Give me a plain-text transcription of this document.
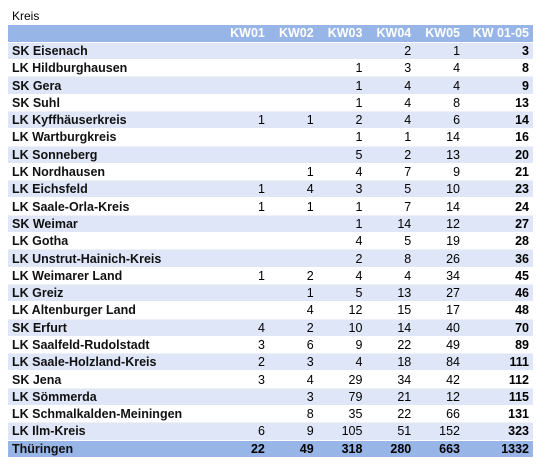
Kreis
	KW01	KW02	KW03	KW04	KW05	KW 01-05
SK Eisenach				2	1	3
LK Hildburghausen			1	3	4	8
SK Gera			1	4	4	9
SK Suhl			1	4	8	13
LK Kyffhäuserkreis	1	1	2	4	6	14
LK Wartburgkreis			1	1	14	16
LK Sonneberg			5	2	13	20
LK Nordhausen		1	4	7	9	21
LK Eichsfeld	1	4	3	5	10	23
LK Saale-Orla-Kreis	1	1	1	7	14	24
SK Weimar			1	14	12	27
LK Gotha			4	5	19	28
LK Unstrut-Hainich-Kreis			2	8	26	36
LK Weimarer Land	1	2	4	4	34	45
LK Greiz		1	5	13	27	46
LK Altenburger Land		4	12	15	17	48
SK Erfurt	4	2	10	14	40	70
LK Saalfeld-Rudolstadt	3	6	9	22	49	89
LK Saale-Holzland-Kreis	2	3	4	18	84	111
SK Jena	3	4	29	34	42	112
LK Sömmerda		3	79	21	12	115
LK Schmalkalden-Meiningen		8	35	22	66	131
LK Ilm-Kreis	6	9	105	51	152	323
Thüringen	22	49	318	280	663	1332
